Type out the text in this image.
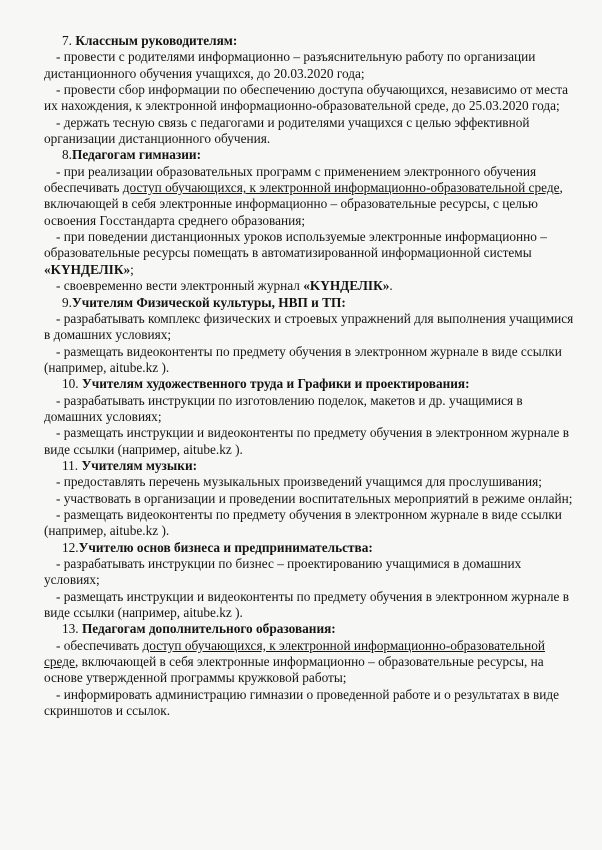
7. Классным руководителям:

- провести с родителями информационно – разъяснительную работу по организации дистанционного обучения учащихся, до 20.03.2020 года;

- провести сбор информации по обеспечению доступа обучающихся, независимо от места их нахождения, к электронной информационно-образовательной среде, до 25.03.2020 года;

- держать тесную связь с педагогами и родителями учащихся с целью эффективной организации дистанционного обучения.

8.Педагогам гимназии:

- при реализации образовательных программ с применением электронного обучения обеспечивать доступ обучающихся, к электронной информационно-образовательной среде, включающей в себя электронные информационно – образовательные ресурсы, с целью освоения Госстандарта среднего образования;

- при поведении дистанционных уроков используемые электронные информационно – образовательные ресурсы помещать в автоматизированной информационной системы «KYНДЕЛIК»;

- своевременно вести электронный журнал «KYНДЕЛIК».

9.Учителям Физической культуры, НВП и ТП:

- разрабатывать комплекс физических и строевых упражнений для выполнения учащимися в домашних условиях;

- размещать видеоконтенты по предмету обучения в электронном журнале в виде ссылки (например, aitube.kz ).

10. Учителям художественного труда и Графики и проектирования:

- разрабатывать инструкции по изготовлению поделок, макетов и др. учащимися в домашних условиях;

- размещать инструкции и видеоконтенты по предмету обучения в электронном журнале в виде ссылки (например, aitube.kz ).

11. Учителям музыки:

- предоставлять перечень музыкальных произведений учащимся для прослушивания;

- участвовать в организации и проведении воспитательных мероприятий в режиме онлайн;

- размещать видеоконтенты по предмету обучения в электронном журнале в виде ссылки (например, aitube.kz ).

12.Учителю основ бизнеса и предпринимательства:

- разрабатывать инструкции по бизнес – проектированию учащимися в домашних условиях;

- размещать инструкции и видеоконтенты по предмету обучения в электронном журнале в виде ссылки (например, aitube.kz ).

13. Педагогам дополнительного образования:

- обеспечивать доступ обучающихся, к электронной информационно-образовательной среде, включающей в себя электронные информационно – образовательные ресурсы, на основе утвержденной программы кружковой работы;

- информировать администрацию гимназии о проведенной работе и о результатах в виде скриншотов и ссылок.
